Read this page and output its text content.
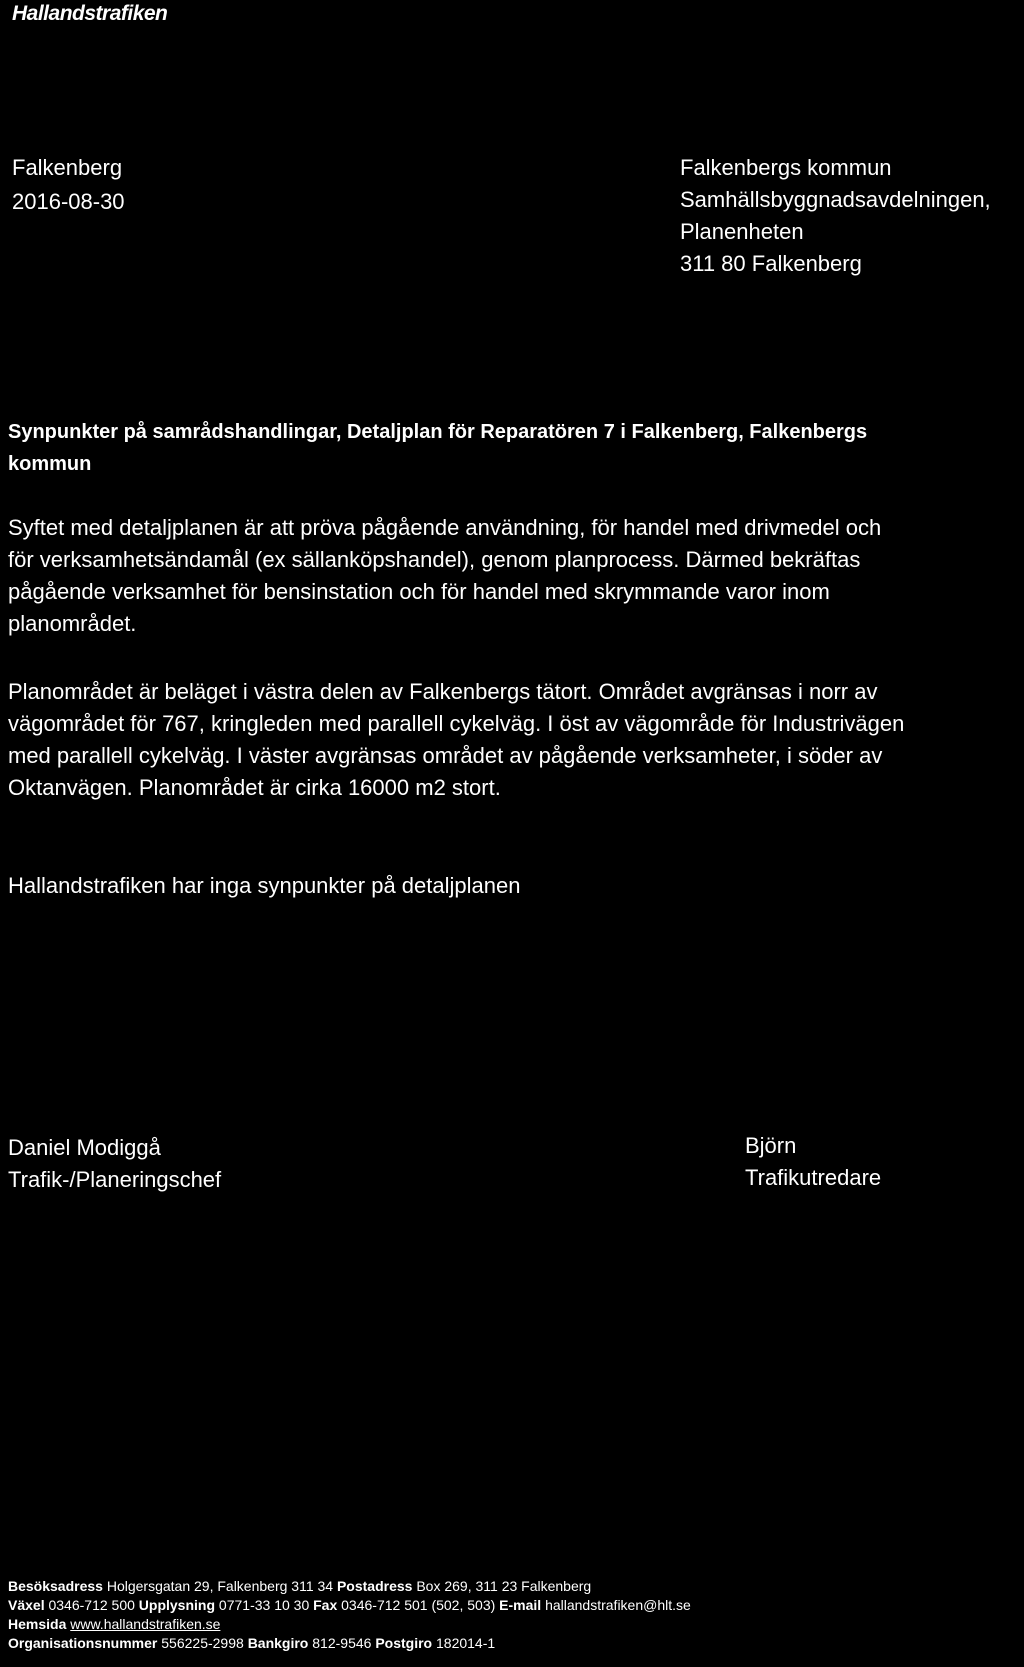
Hallandstrafiken
Falkenberg
2016-08-30
Falkenbergs kommun
Samhällsbyggnadsavdelningen,
Planenheten
311 80 Falkenberg

Synpunkter på samrådshandlingar, Detaljplan för Reparatören 7 i Falkenberg, Falkenbergs

kommun

Syftet med detaljplanen är att pröva pågående användning, för handel med drivmedel och

för verksamhetsändamål (ex sällanköpshandel), genom planprocess. Därmed bekräftas

pågående verksamhet för bensinstation och för handel med skrymmande varor inom

planområdet.

Planområdet är beläget i västra delen av Falkenbergs tätort. Området avgränsas i norr av

vägområdet för 767, kringleden med parallell cykelväg. I öst av vägområde för Industrivägen

med parallell cykelväg. I väster avgränsas området av pågående verksamheter, i söder av

Oktanvägen. Planområdet är cirka 16000 m2 stort.

Hallandstrafiken har inga synpunkter på detaljplanen
Daniel Modiggå
Trafik-/Planeringschef
Björn
Trafikutredare
Besöksadress Holgersgatan 29, Falkenberg 311 34 Postadress Box 269, 311 23 Falkenberg
Växel 0346-712 500 Upplysning 0771-33 10 30 Fax 0346-712 501 (502, 503) E-mail hallandstrafiken@hlt.se
Hemsida www.hallandstrafiken.se
Organisationsnummer 556225-2998 Bankgiro 812-9546 Postgiro 182014-1
